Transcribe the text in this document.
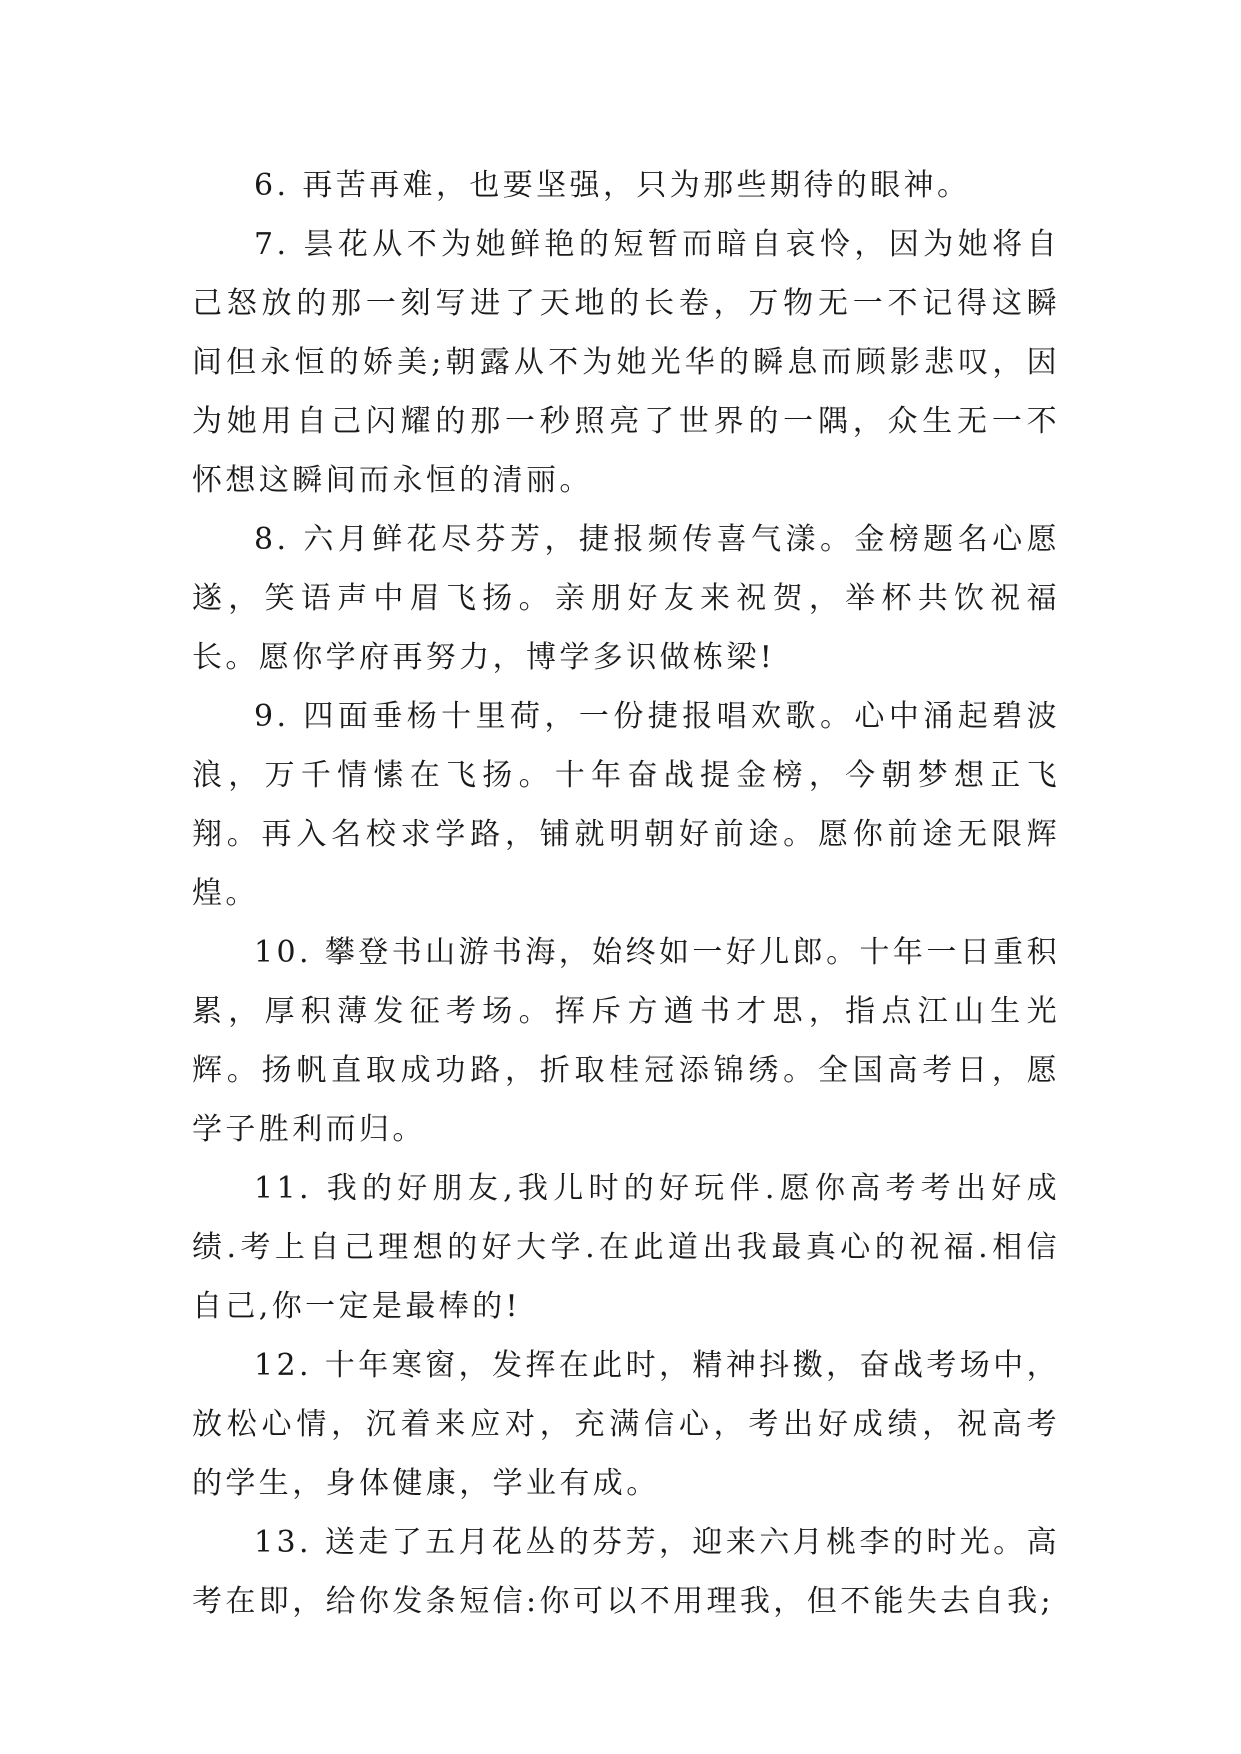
6. 再苦再难，也要坚强，只为那些期待的眼神。

7. 昙花从不为她鲜艳的短暂而暗自哀怜，因为她将自己怒放的那一刻写进了天地的长卷，万物无一不记得这瞬间但永恒的娇美;朝露从不为她光华的瞬息而顾影悲叹，因为她用自己闪耀的那一秒照亮了世界的一隅，众生无一不怀想这瞬间而永恒的清丽。

8. 六月鲜花尽芬芳，捷报频传喜气漾。金榜题名心愿遂，笑语声中眉飞扬。亲朋好友来祝贺，举杯共饮祝福长。愿你学府再努力，博学多识做栋梁!

9. 四面垂杨十里荷，一份捷报唱欢歌。心中涌起碧波浪，万千情愫在飞扬。十年奋战提金榜，今朝梦想正飞翔。再入名校求学路，铺就明朝好前途。愿你前途无限辉煌。

10. 攀登书山游书海，始终如一好儿郎。十年一日重积累，厚积薄发征考场。挥斥方遒书才思，指点江山生光辉。扬帆直取成功路，折取桂冠添锦绣。全国高考日，愿学子胜利而归。

11. 我的好朋友,我儿时的好玩伴.愿你高考考出好成绩.考上自己理想的好大学.在此道出我最真心的祝福.相信自己,你一定是最棒的!

12. 十年寒窗，发挥在此时，精神抖擞，奋战考场中，放松心情，沉着来应对，充满信心，考出好成绩，祝高考的学生，身体健康，学业有成。

13. 送走了五月花丛的芬芳，迎来六月桃李的时光。高考在即，给你发条短信:你可以不用理我，但不能失去自我;
